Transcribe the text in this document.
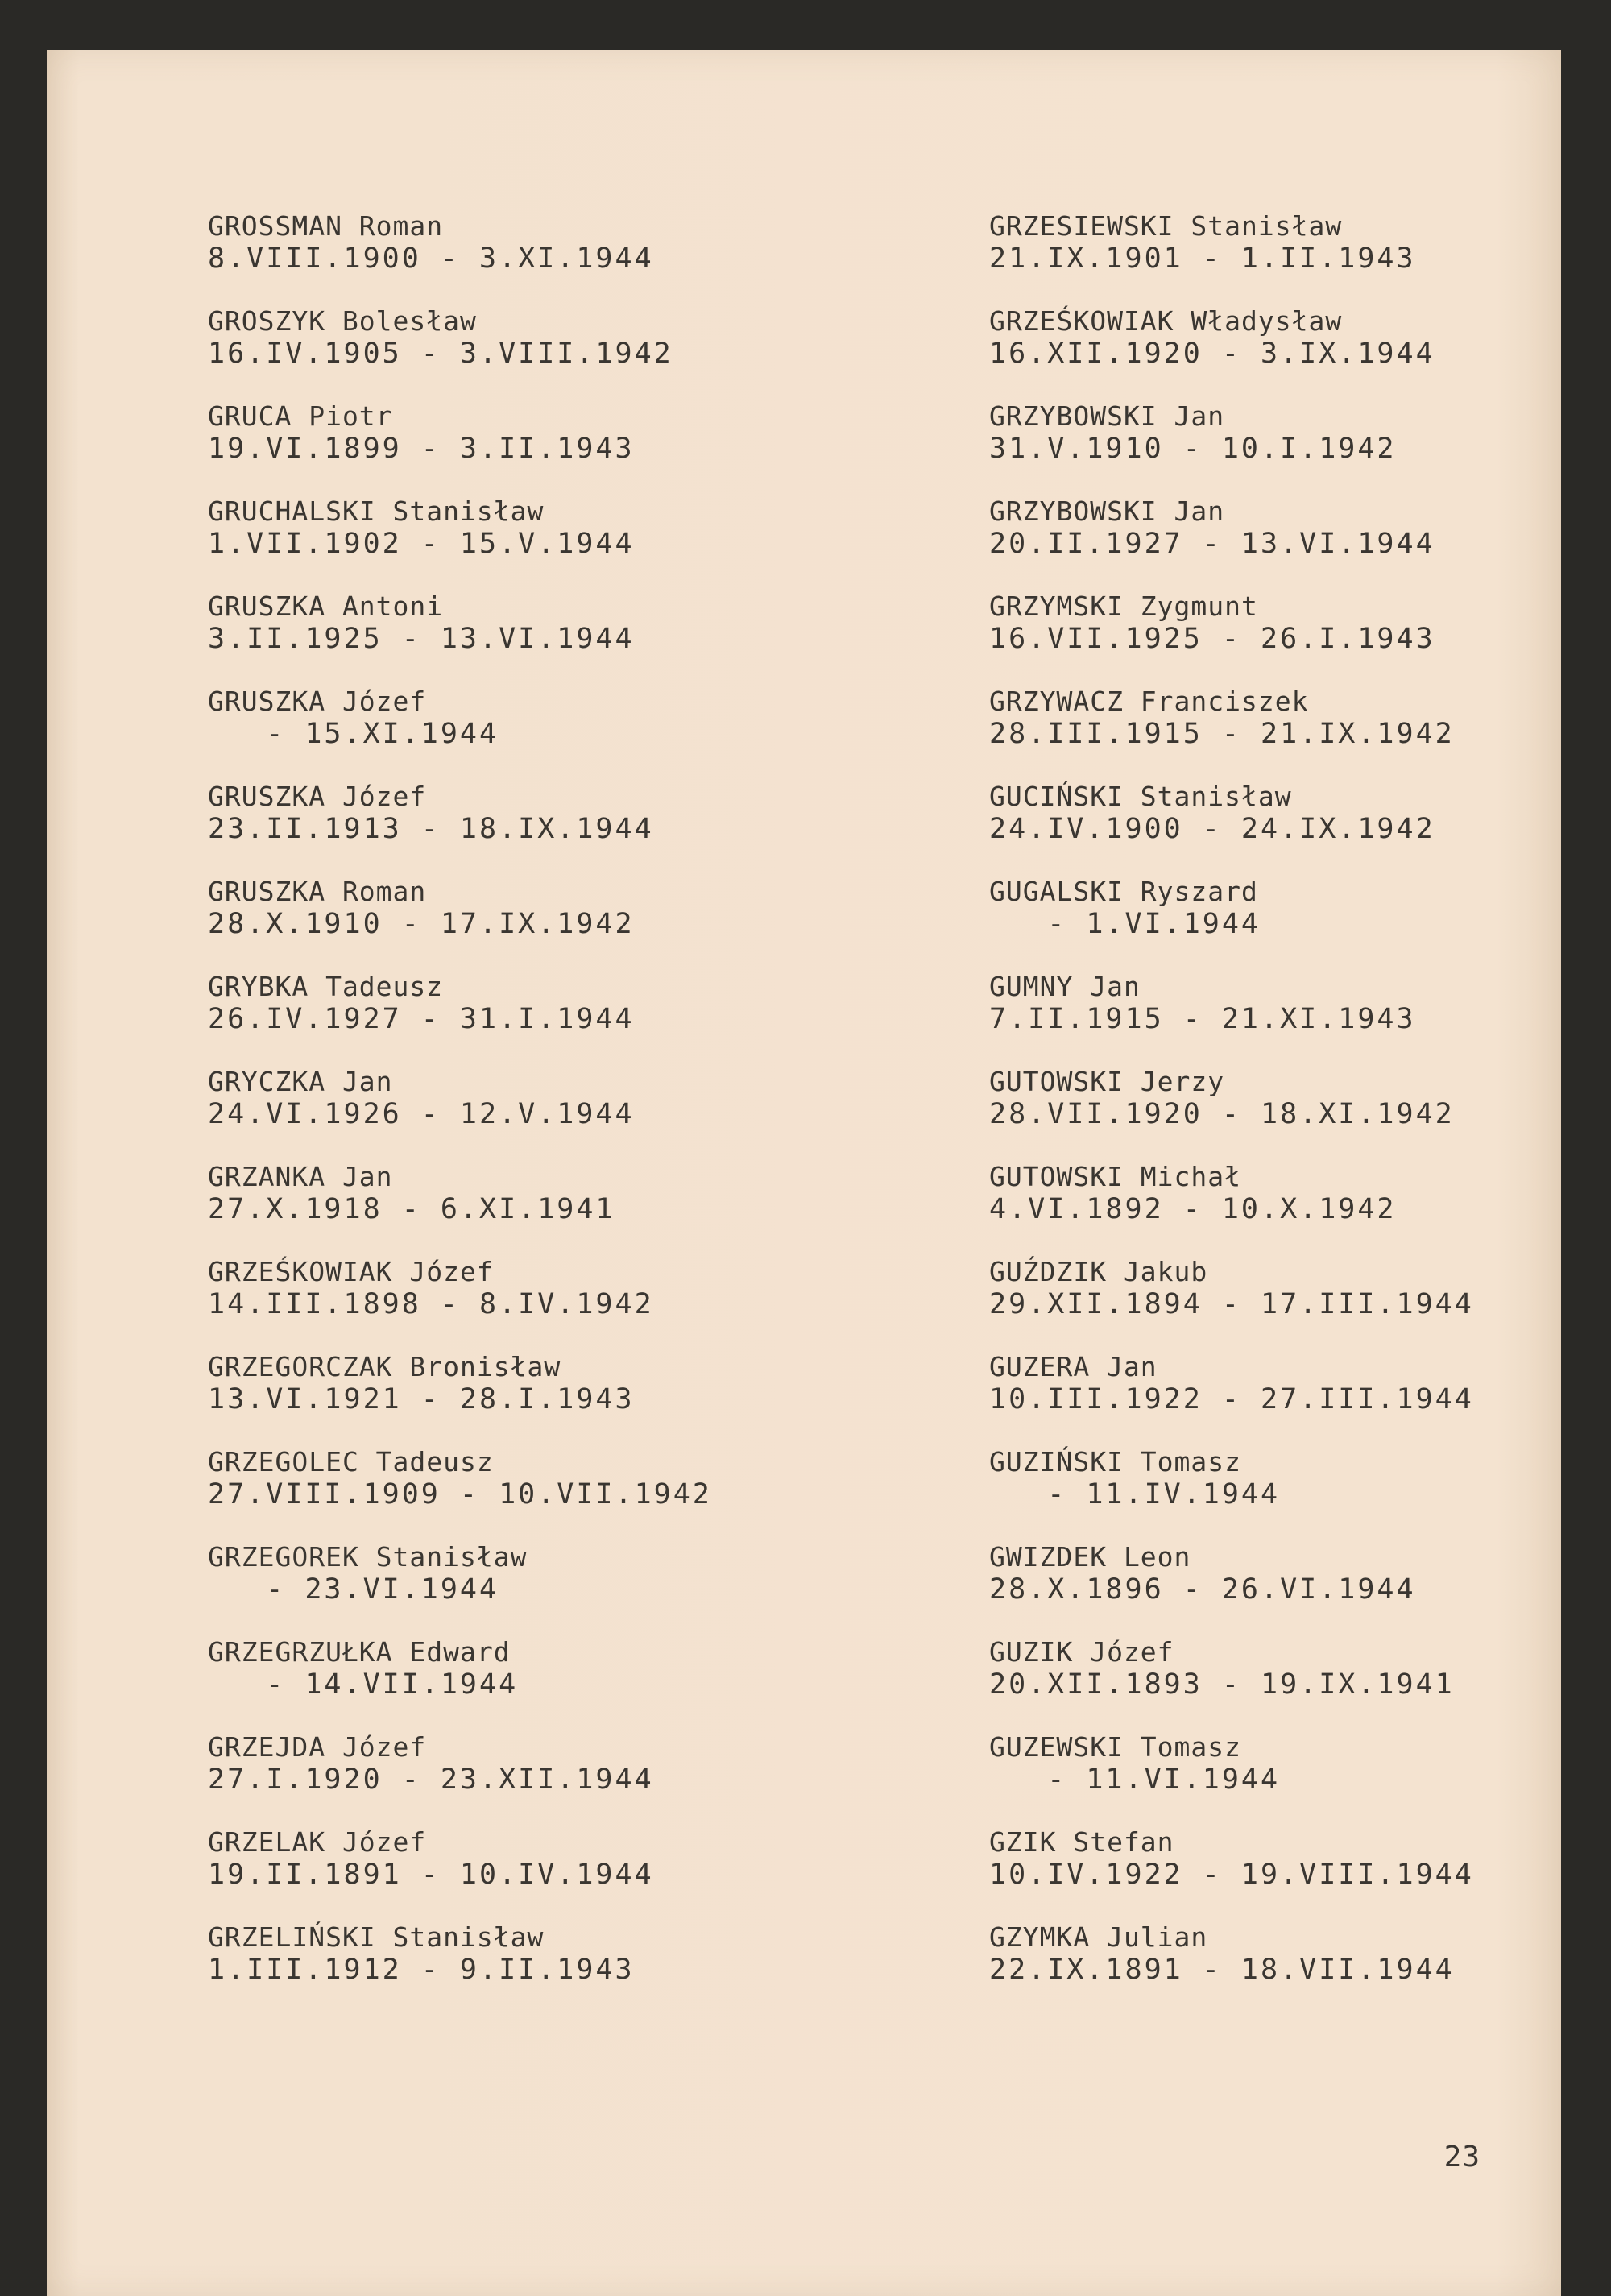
GROSSMAN Roman
8.VIII.1900 - 3.XI.1944
GROSZYK Bolesław
16.IV.1905 - 3.VIII.1942
GRUCA Piotr
19.VI.1899 - 3.II.1943
GRUCHALSKI Stanisław
1.VII.1902 - 15.V.1944
GRUSZKA Antoni
3.II.1925 - 13.VI.1944
GRUSZKA Józef
- 15.XI.1944
GRUSZKA Józef
23.II.1913 - 18.IX.1944
GRUSZKA Roman
28.X.1910 - 17.IX.1942
GRYBKA Tadeusz
26.IV.1927 - 31.I.1944
GRYCZKA Jan
24.VI.1926 - 12.V.1944
GRZANKA Jan
27.X.1918 - 6.XI.1941
GRZEŚKOWIAK Józef
14.III.1898 - 8.IV.1942
GRZEGORCZAK Bronisław
13.VI.1921 - 28.I.1943
GRZEGOLEC Tadeusz
27.VIII.1909 - 10.VII.1942
GRZEGOREK Stanisław
- 23.VI.1944
GRZEGRZUŁKA Edward
- 14.VII.1944
GRZEJDA Józef
27.I.1920 - 23.XII.1944
GRZELAK Józef
19.II.1891 - 10.IV.1944
GRZELIŃSKI Stanisław
1.III.1912 - 9.II.1943
GRZESIEWSKI Stanisław
21.IX.1901 - 1.II.1943
GRZEŚKOWIAK Władysław
16.XII.1920 - 3.IX.1944
GRZYBOWSKI Jan
31.V.1910 - 10.I.1942
GRZYBOWSKI Jan
20.II.1927 - 13.VI.1944
GRZYMSKI Zygmunt
16.VII.1925 - 26.I.1943
GRZYWACZ Franciszek
28.III.1915 - 21.IX.1942
GUCIŃSKI Stanisław
24.IV.1900 - 24.IX.1942
GUGALSKI Ryszard
- 1.VI.1944
GUMNY Jan
7.II.1915 - 21.XI.1943
GUTOWSKI Jerzy
28.VII.1920 - 18.XI.1942
GUTOWSKI Michał
4.VI.1892 - 10.X.1942
GUŹDZIK Jakub
29.XII.1894 - 17.III.1944
GUZERA Jan
10.III.1922 - 27.III.1944
GUZIŃSKI Tomasz
- 11.IV.1944
GWIZDEK Leon
28.X.1896 - 26.VI.1944
GUZIK Józef
20.XII.1893 - 19.IX.1941
GUZEWSKI Tomasz
- 11.VI.1944
GZIK Stefan
10.IV.1922 - 19.VIII.1944
GZYMKA Julian
22.IX.1891 - 18.VII.1944
23
